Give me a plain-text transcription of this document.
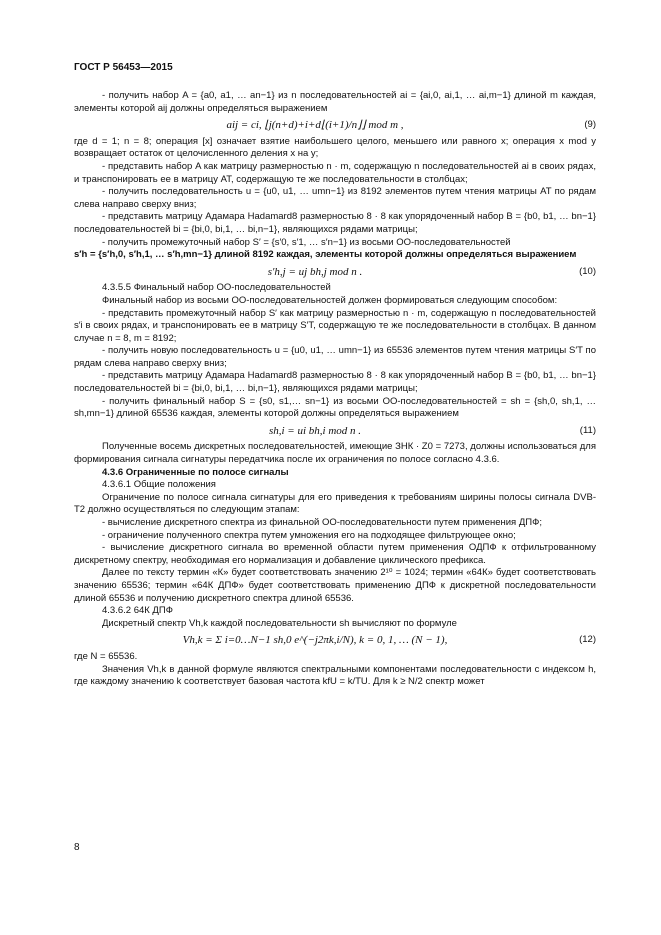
ГОСТ Р 56453—2015

- получить набор A = {a0, a1, … an−1} из n последовательностей ai = {ai,0, ai,1, … ai,m−1} длиной m каждая, элементы которой aij должны определяться выражением

aij = ci, ⌊j(n+d)+i+d⌊(i+1)/n⌋⌋ mod m ,	(9)

где d = 1; n = 8; операция [x] означает взятие наибольшего целого, меньшего или равного x; операция x mod y возвращает остаток от целочисленного деления x на y;

- представить набор A как матрицу размерностью n · m, содержащую n последовательностей ai в своих рядах, и транспонировать ее в матрицу AT, содержащую те же последовательности в столбцах;

- получить последовательность u = {u0, u1, … umn−1} из 8192 элементов путем чтения матрицы AT по рядам слева направо сверху вниз;

- представить матрицу Адамара Hadamard8 размерностью 8 · 8 как упорядоченный набор B = {b0, b1, … bn−1} последовательностей bi = {bi,0, bi,1, … bi,n−1}, являющихся рядами матрицы;

- получить промежуточный набор S′ = {s′0, s′1, … s′n−1} из восьми ОО-последовательностей

s′h = {s′h,0, s′h,1, … s′h,mn−1} длиной 8192 каждая, элементы которой должны определяться выражением

s′h,j = uj bh,j mod n .	(10)

4.3.5.5 Финальный набор ОО-последовательностей

Финальный набор из восьми ОО-последовательностей должен формироваться следующим способом:

- представить промежуточный набор S′ как матрицу размерностью n · m, содержащую n последовательностей s′i в своих рядах, и транспонировать ее в матрицу S′T, содержащую те же последовательности в столбцах. В данном случае n = 8, m = 8192;

- получить новую последовательность u = {u0, u1, … umn−1} из 65536 элементов путем чтения матрицы S′T по рядам слева направо сверху вниз;

- представить матрицу Адамара Hadamard8 размерностью 8 · 8 как упорядоченный набор B = {b0, b1, … bn−1} последовательностей bi = {bi,0, bi,1, … bi,n−1}, являющихся рядами матрицы;

- получить финальный набор S = {s0, s1,… sn−1} из восьми ОО-последовательностей = sh = {sh,0, sh,1, … sh,mn−1} длиной 65536 каждая, элементы которой должны определяться выражением

sh,i = ui bh,i mod n .	(11)

Полученные восемь дискретных последовательностей, имеющие ЗНК · Z0 = 7273, должны использоваться для формирования сигнала сигнатуры передатчика после их ограничения по полосе согласно 4.3.6.

4.3.6 Ограниченные по полосе сигналы

4.3.6.1 Общие положения

Ограничение по полосе сигнала сигнатуры для его приведения к требованиям ширины полосы сигнала DVB-T2 должно осуществляться по следующим этапам:

- вычисление дискретного спектра из финальной ОО-последовательности путем применения ДПФ;

- ограничение полученного спектра путем умножения его на подходящее фильтрующее окно;

- вычисление дискретного сигнала во временной области путем применения ОДПФ к отфильтрованному дискретному спектру, необходимая его нормализация и добавление циклического префикса.

Далее по тексту термин «К» будет соответствовать значению 2¹⁰ = 1024; термин «64К» будет соответствовать значению 65536; термин «64К ДПФ» будет соответствовать применению ДПФ к дискретной последовательности длиной 65536 и получению дискретного спектра длиной 65536.

4.3.6.2 64К ДПФ

Дискретный спектр Vh,k каждой последовательности sh вычисляют по формуле

Vh,k = Σ i=0…N−1 sh,0 e^(−j2πk,i/N), k = 0, 1, … (N − 1),	(12)

где N = 65536.

Значения Vh,k в данной формуле являются спектральными компонентами последовательности с индексом h, где каждому значению k соответствует базовая частота kfU = k/TU. Для k ≥ N/2 спектр может

8
